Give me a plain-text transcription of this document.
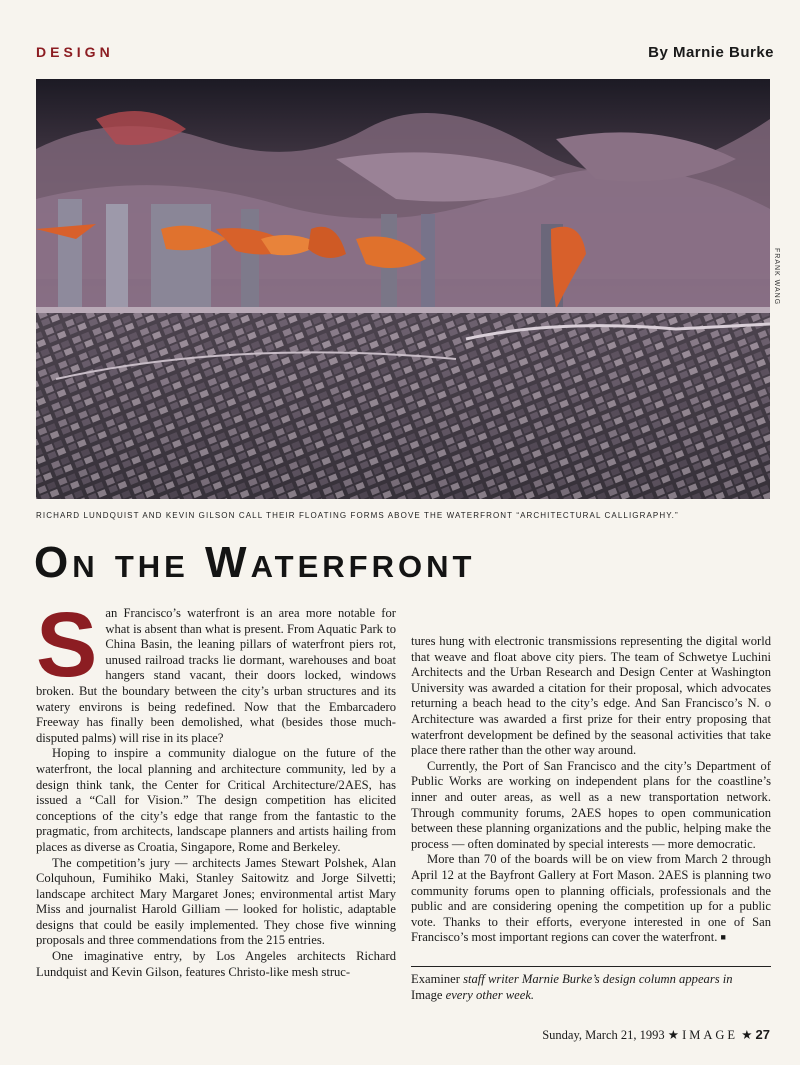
DESIGN	By Marnie Burke
FRANK WANG
RICHARD LUNDQUIST AND KEVIN GILSON CALL THEIR FLOATING FORMS ABOVE THE WATERFRONT “ARCHITECTURAL CALLIGRAPHY.”
On the Waterfront

San Francisco’s waterfront is an area more notable for what is absent than what is present. From Aquatic Park to China Basin, the leaning pillars of waterfront piers rot, unused railroad tracks lie dormant, warehouses and boat hangers stand vacant, their doors locked, windows broken. But the boundary between the city’s urban structures and its watery environs is being redefined. Now that the Embarcadero Freeway has finally been demolished, what (besides those much-disputed palms) will rise in its place?

Hoping to inspire a community dialogue on the future of the waterfront, the local planning and architecture community, led by a design think tank, the Center for Critical Architecture/2AES, has issued a “Call for Vision.” The design competition has elicited conceptions of the city’s edge that range from the fantastic to the pragmatic, from architects, landscape planners and artists hailing from places as diverse as Croatia, Singapore, Rome and Berkeley.

The competition’s jury — architects James Stewart Polshek, Alan Colquhoun, Fumihiko Maki, Stanley Saitowitz and Jorge Silvetti; landscape architect Mary Margaret Jones; environmental artist Mary Miss and journalist Harold Gilliam — looked for holistic, adaptable designs that could be easily implemented. They chose five winning proposals and three commendations from the 215 entries.

One imaginative entry, by Los Angeles architects Richard Lundquist and Kevin Gilson, features Christo-like mesh struc-

tures hung with electronic transmissions representing the digital world that weave and float above city piers. The team of Schwetye Luchini Architects and the Urban Research and Design Center at Washington University was awarded a citation for their proposal, which advocates returning a beach head to the city’s edge. And San Francisco’s N. o Architecture was awarded a first prize for their entry proposing that waterfront development be defined by the seasonal activities that take place there rather than the other way around.

Currently, the Port of San Francisco and the city’s Department of Public Works are working on independent plans for the coastline’s inner and outer areas, as well as a new transportation network. Through community forums, 2AES hopes to open communication between these planning organizations and the public, helping make the process — often dominated by special interests — more democratic.

More than 70 of the boards will be on view from March 2 through April 12 at the Bayfront Gallery at Fort Mason. 2AES is planning two community forums open to planning officials, professionals and the public and are considering opening the competition up for a public vote. Thanks to their efforts, everyone interested in one of San Francisco’s most important regions can cover the waterfront. ■

Examiner staff writer Marnie Burke’s design column appears in
Image every other week.
Sunday, March 21, 1993 ★ IMAGE ★ 27
